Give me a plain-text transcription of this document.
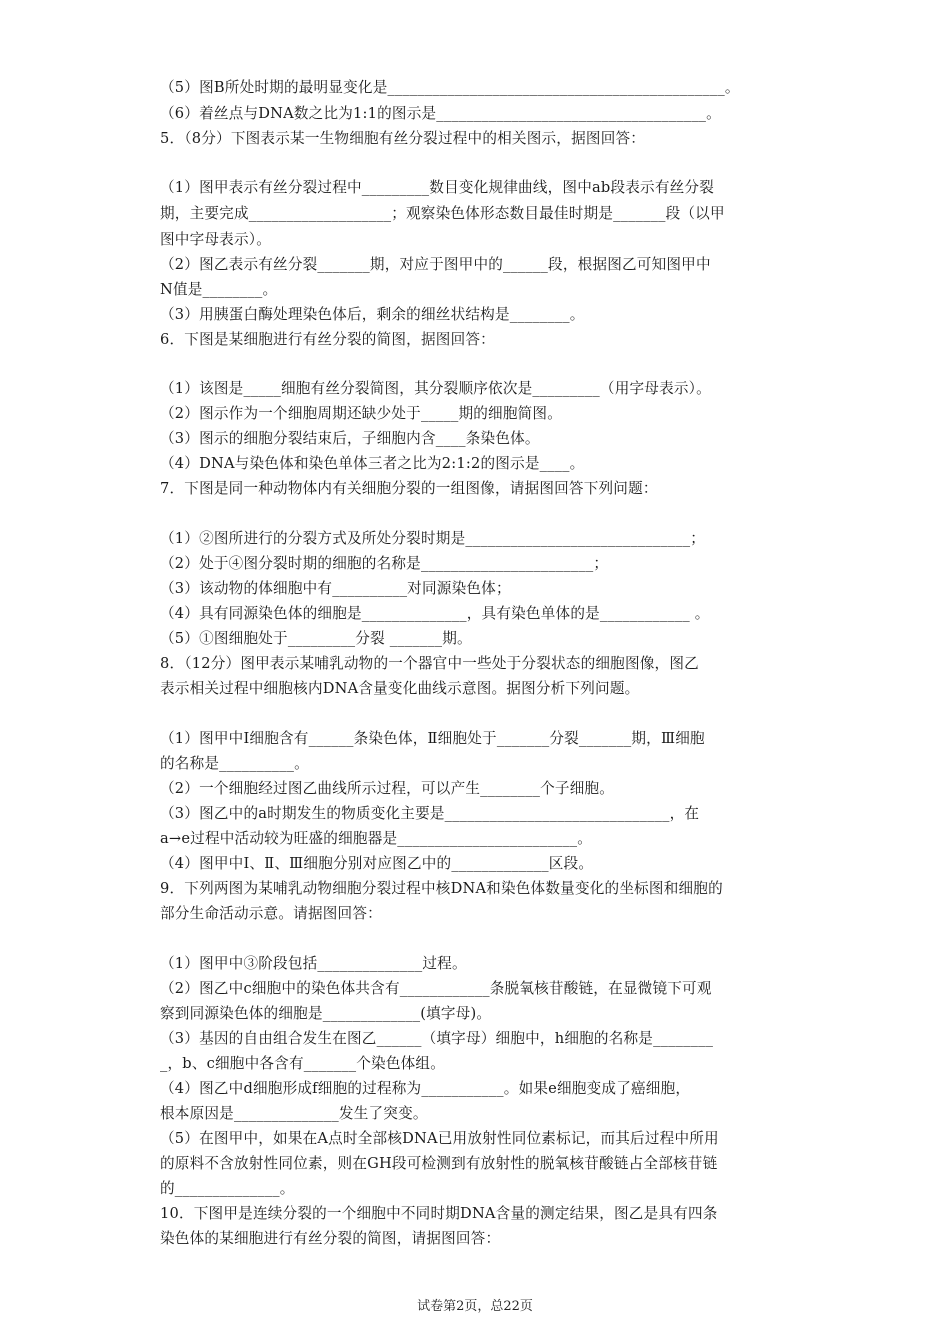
（5）图B所处时期的最明显变化是_____________________________________________。
（6）着丝点与DNA数之比为1:1的图示是____________________________________。
5．（8分）下图表示某一生物细胞有丝分裂过程中的相关图示，据图回答：
（1）图甲表示有丝分裂过程中_________数目变化规律曲线，图中ab段表示有丝分裂
期，主要完成___________________；观察染色体形态数目最佳时期是_______段（以甲
图中字母表示）。
（2）图乙表示有丝分裂_______期，对应于图甲中的______段，根据图乙可知图甲中
N值是________。
（3）用胰蛋白酶处理染色体后，剩余的细丝状结构是________。
6．下图是某细胞进行有丝分裂的简图，据图回答：
（1）该图是_____细胞有丝分裂简图，其分裂顺序依次是_________（用字母表示）。
（2）图示作为一个细胞周期还缺少处于_____期的细胞简图。
（3）图示的细胞分裂结束后，子细胞内含____条染色体。
（4）DNA与染色体和染色单体三者之比为2:1:2的图示是____。
7．下图是同一种动物体内有关细胞分裂的一组图像，请据图回答下列问题：
（1）②图所进行的分裂方式及所处分裂时期是______________________________；
（2）处于④图分裂时期的细胞的名称是_______________________；
（3）该动物的体细胞中有__________对同源染色体；
（4）具有同源染色体的细胞是______________，具有染色单体的是____________ 。
（5）①图细胞处于_________分裂 _______期。
8．（12分）图甲表示某哺乳动物的一个器官中一些处于分裂状态的细胞图像，图乙
表示相关过程中细胞核内DNA含量变化曲线示意图。据图分析下列问题。
（1）图甲中Ⅰ细胞含有______条染色体，Ⅱ细胞处于_______分裂_______期，Ⅲ细胞
的名称是__________。
（2）一个细胞经过图乙曲线所示过程，可以产生________个子细胞。
（3）图乙中的a时期发生的物质变化主要是______________________________，在
a→e过程中活动较为旺盛的细胞器是________________________。
（4）图甲中Ⅰ、Ⅱ、Ⅲ细胞分别对应图乙中的_____________区段。
9．下列两图为某哺乳动物细胞分裂过程中核DNA和染色体数量变化的坐标图和细胞的
部分生命活动示意。请据图回答：
（1）图甲中③阶段包括______________过程。
（2）图乙中c细胞中的染色体共含有____________条脱氧核苷酸链，在显微镜下可观
察到同源染色体的细胞是_____________(填字母)。
（3）基因的自由组合发生在图乙______（填字母）细胞中，h细胞的名称是________
_，b、c细胞中各含有_______个染色体组。
（4）图乙中d细胞形成f细胞的过程称为___________。如果e细胞变成了癌细胞，
根本原因是______________发生了突变。
（5）在图甲中，如果在A点时全部核DNA已用放射性同位素标记，而其后过程中所用
的原料不含放射性同位素，则在GH段可检测到有放射性的脱氧核苷酸链占全部核苷链
的______________。
10．下图甲是连续分裂的一个细胞中不同时期DNA含量的测定结果，图乙是具有四条
染色体的某细胞进行有丝分裂的简图，请据图回答：
试卷第2页，总22页
